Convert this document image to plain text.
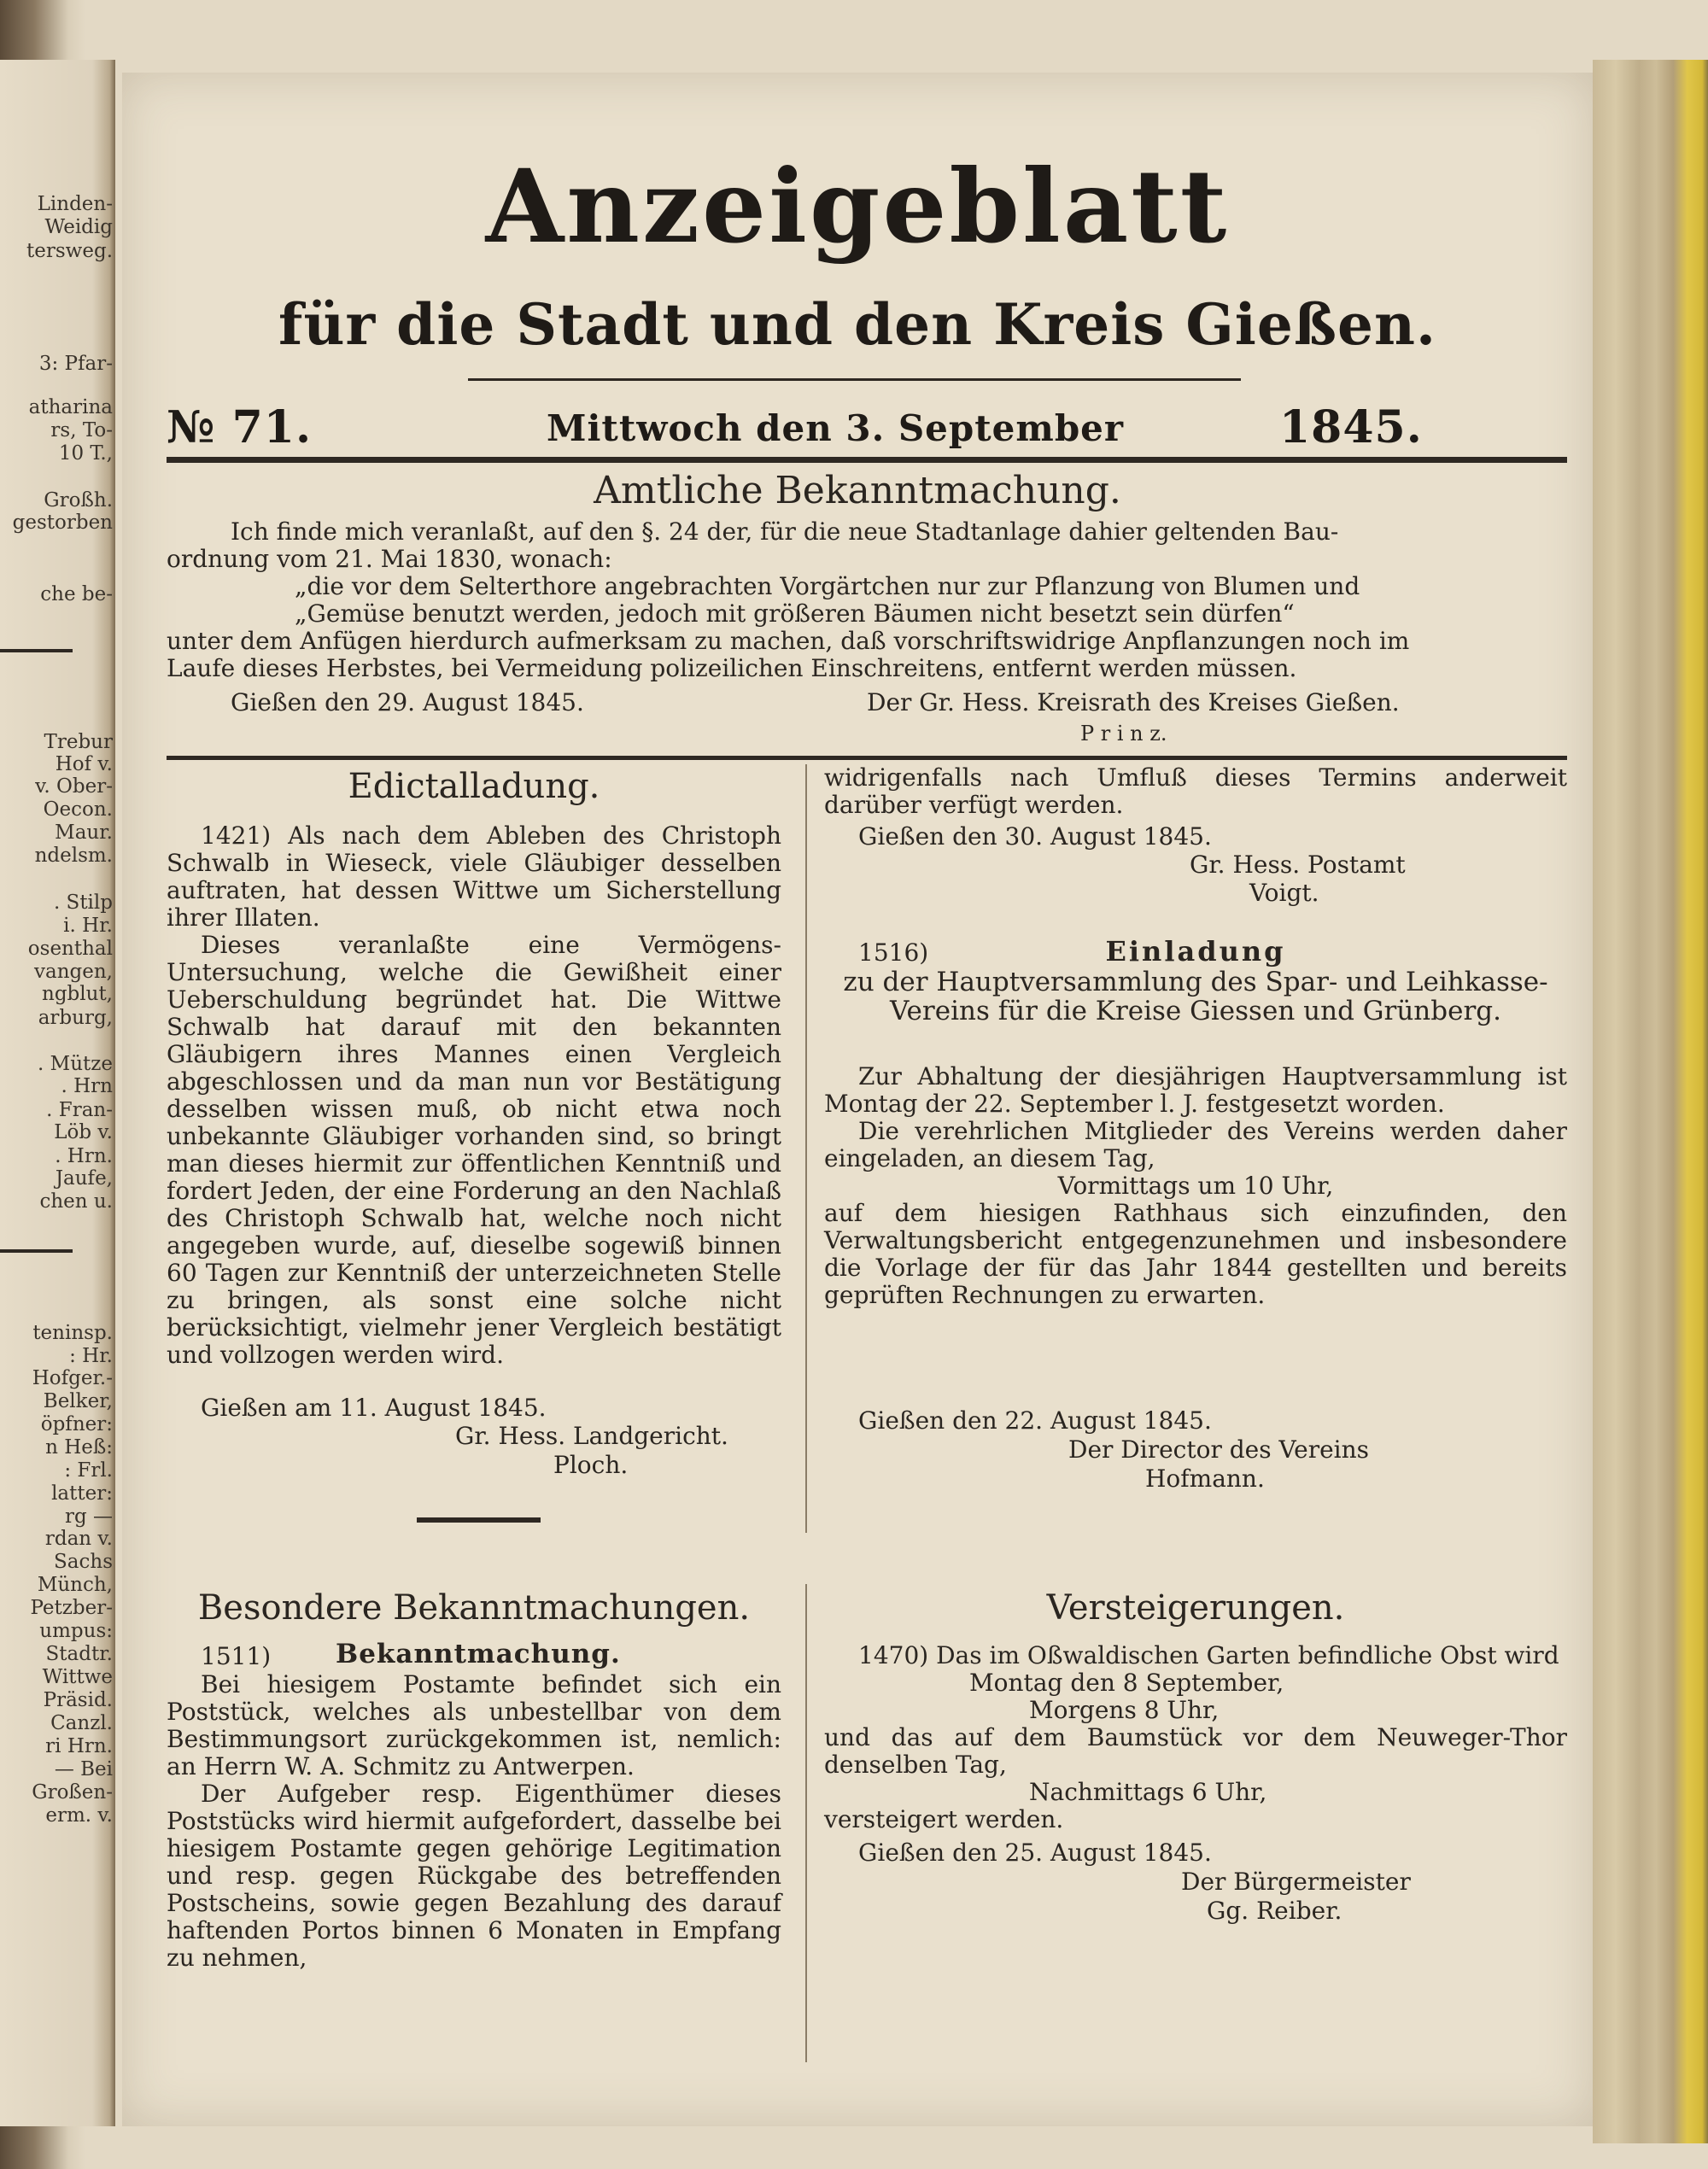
Linden-
Weidig
tersweg.
3: Pfar-
atharina
rs, To-
10 T.,
Großh.
gestorben
che be-
Trebur
Hof v.
v. Ober-
Oecon.
Maur.
ndelsm.
. Stilp
i. Hr.
osenthal
vangen,
ngblut,
arburg,
. Mütze
. Hrn
. Fran-
Löb v.
. Hrn.
Jaufe,
chen u.
teninsp.
: Hr.
Hofger.-
Belker,
öpfner:
n Heß:
: Frl.
latter:
rg —
rdan v.
Sachs
Münch,
Petzber-
umpus:
Stadtr.
Wittwe
Präsid.
Canzl.
ri Hrn.
— Bei
Großen-
erm. v.
Anzeigeblatt
für die Stadt und den Kreis Gießen.
№ 71.	Mittwoch den 3. September	1845.
Amtliche Bekanntmachung.
Ich finde mich veranlaßt, auf den §. 24 der, für die neue Stadtanlage dahier geltenden Bau-
ordnung vom 21. Mai 1830, wonach:
„die vor dem Selterthore angebrachten Vorgärtchen nur zur Pflanzung von Blumen und
„Gemüse benutzt werden, jedoch mit größeren Bäumen nicht besetzt sein dürfen“
unter dem Anfügen hierdurch aufmerksam zu machen, daß vorschriftswidrige Anpflanzungen noch im
Laufe dieses Herbstes, bei Vermeidung polizeilichen Einschreitens, entfernt werden müssen.
Gießen den 29. August 1845.	Der Gr. Hess. Kreisrath des Kreises Gießen.
P r i n z.
Edictalladung.

1421) Als nach dem Ableben des Christoph Schwalb in Wieseck, viele Gläubiger desselben auftraten, hat dessen Wittwe um Sicherstellung ihrer Illaten.

Dieses veranlaßte eine Vermögens-Untersuchung, welche die Gewißheit einer Ueberschuldung begründet hat. Die Wittwe Schwalb hat darauf mit den bekannten Gläubigern ihres Mannes einen Vergleich abgeschlossen und da man nun vor Bestätigung desselben wissen muß, ob nicht etwa noch unbekannte Gläubiger vorhanden sind, so bringt man dieses hiermit zur öffentlichen Kenntniß und fordert Jeden, der eine Forderung an den Nachlaß des Christoph Schwalb hat, welche noch nicht angegeben wurde, auf, dieselbe sogewiß binnen 60 Tagen zur Kenntniß der unterzeichneten Stelle zu bringen, als sonst eine solche nicht berücksichtigt, vielmehr jener Vergleich bestätigt und vollzogen werden wird.

Gießen am 11. August 1845.
Gr. Hess. Landgericht.
Ploch.

widrigenfalls nach Umfluß dieses Termins anderweit darüber verfügt werden.

Gießen den 30. August 1845.
Gr. Hess. Postamt
Voigt.
1516)	Einladung
zu der Hauptversammlung des Spar- und Leihkasse-Vereins für die Kreise Giessen und Grünberg.

Zur Abhaltung der diesjährigen Hauptversammlung ist Montag der 22. September l. J. festgesetzt worden.

Die verehrlichen Mitglieder des Vereins werden daher eingeladen, an diesem Tag,

Vormittags um 10 Uhr,

auf dem hiesigen Rathhaus sich einzufinden, den Verwaltungsbericht entgegenzunehmen und insbesondere die Vorlage der für das Jahr 1844 gestellten und bereits geprüften Rechnungen zu erwarten.

Gießen den 22. August 1845.
Der Director des Vereins
Hofmann.
Besondere Bekanntmachungen.
1511) Bekanntmachung.

Bei hiesigem Postamte befindet sich ein Poststück, welches als unbestellbar von dem Bestimmungsort zurückgekommen ist, nemlich: an Herrn W. A. Schmitz zu Antwerpen.

Der Aufgeber resp. Eigenthümer dieses Poststücks wird hiermit aufgefordert, dasselbe bei hiesigem Postamte gegen gehörige Legitimation und resp. gegen Rückgabe des betreffenden Postscheins, sowie gegen Bezahlung des darauf haftenden Portos binnen 6 Monaten in Empfang zu nehmen,

Versteigerungen.

1470) Das im Oßwaldischen Garten befindliche Obst wird

Montag den 8 September,

Morgens 8 Uhr,

und das auf dem Baumstück vor dem Neuweger-Thor denselben Tag,

Nachmittags 6 Uhr,

versteigert werden.

Gießen den 25. August 1845.
Der Bürgermeister
Gg. Reiber.
